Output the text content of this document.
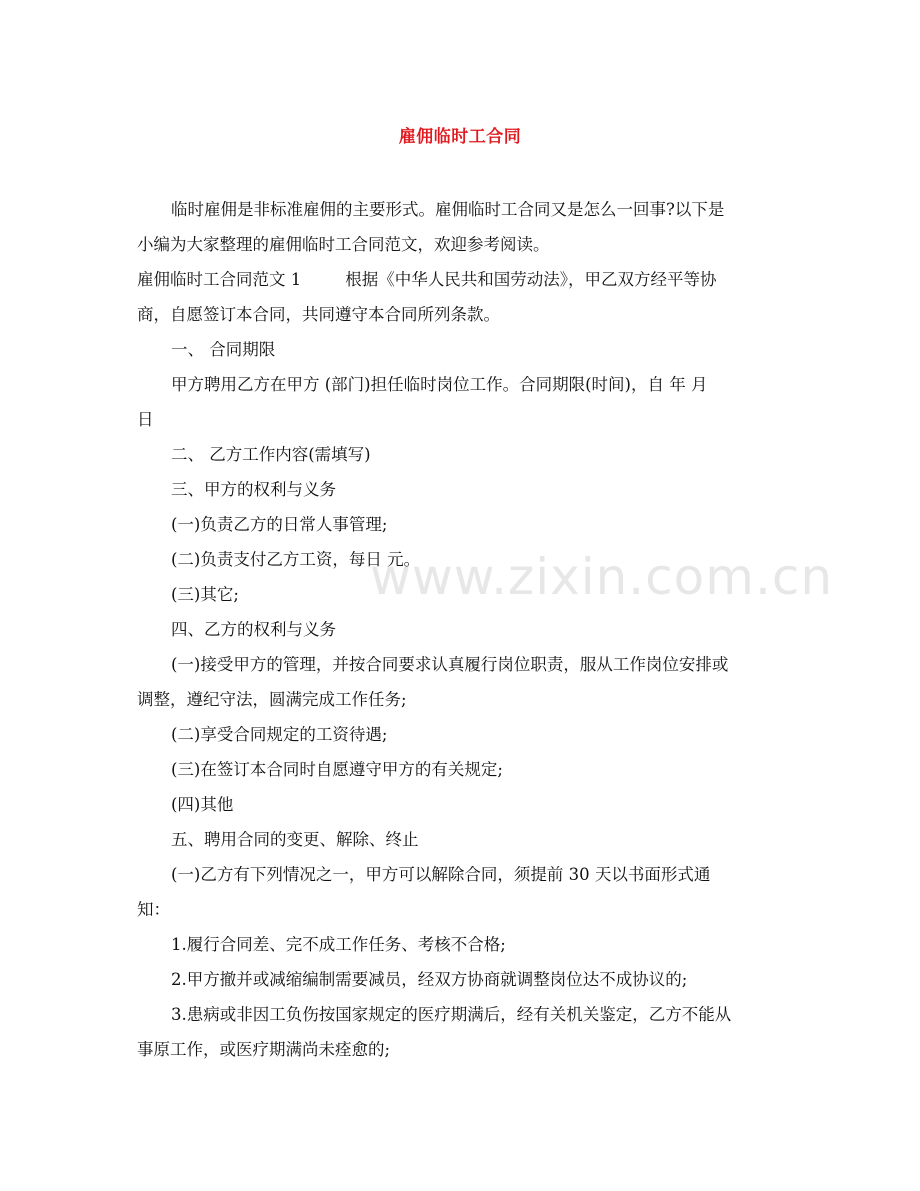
雇佣临时工合同
www.zixin.com.cn
临时雇佣是非标准雇佣的主要形式。雇佣临时工合同又是怎么一回事?以下是
小编为大家整理的雇佣临时工合同范文，欢迎参考阅读。
雇佣临时工合同范文 1	根据《中华人民共和国劳动法》，甲乙双方经平等协
商，自愿签订本合同，共同遵守本合同所列条款。
一、 合同期限
甲方聘用乙方在甲方 (部门)担任临时岗位工作。合同期限(时间)，自 年 月
日
二、 乙方工作内容(需填写)
三、甲方的权利与义务
(一)负责乙方的日常人事管理;
(二)负责支付乙方工资，每日 元。
(三)其它;
四、乙方的权利与义务
(一)接受甲方的管理，并按合同要求认真履行岗位职责，服从工作岗位安排或
调整，遵纪守法，圆满完成工作任务;
(二)享受合同规定的工资待遇;
(三)在签订本合同时自愿遵守甲方的有关规定;
(四)其他
五、聘用合同的变更、解除、终止
(一)乙方有下列情况之一，甲方可以解除合同，须提前 30 天以书面形式通
知：
1.履行合同差、完不成工作任务、考核不合格;
2.甲方撤并或减缩编制需要减员，经双方协商就调整岗位达不成协议的;
3.患病或非因工负伤按国家规定的医疗期满后，经有关机关鉴定，乙方不能从
事原工作，或医疗期满尚未痊愈的;
